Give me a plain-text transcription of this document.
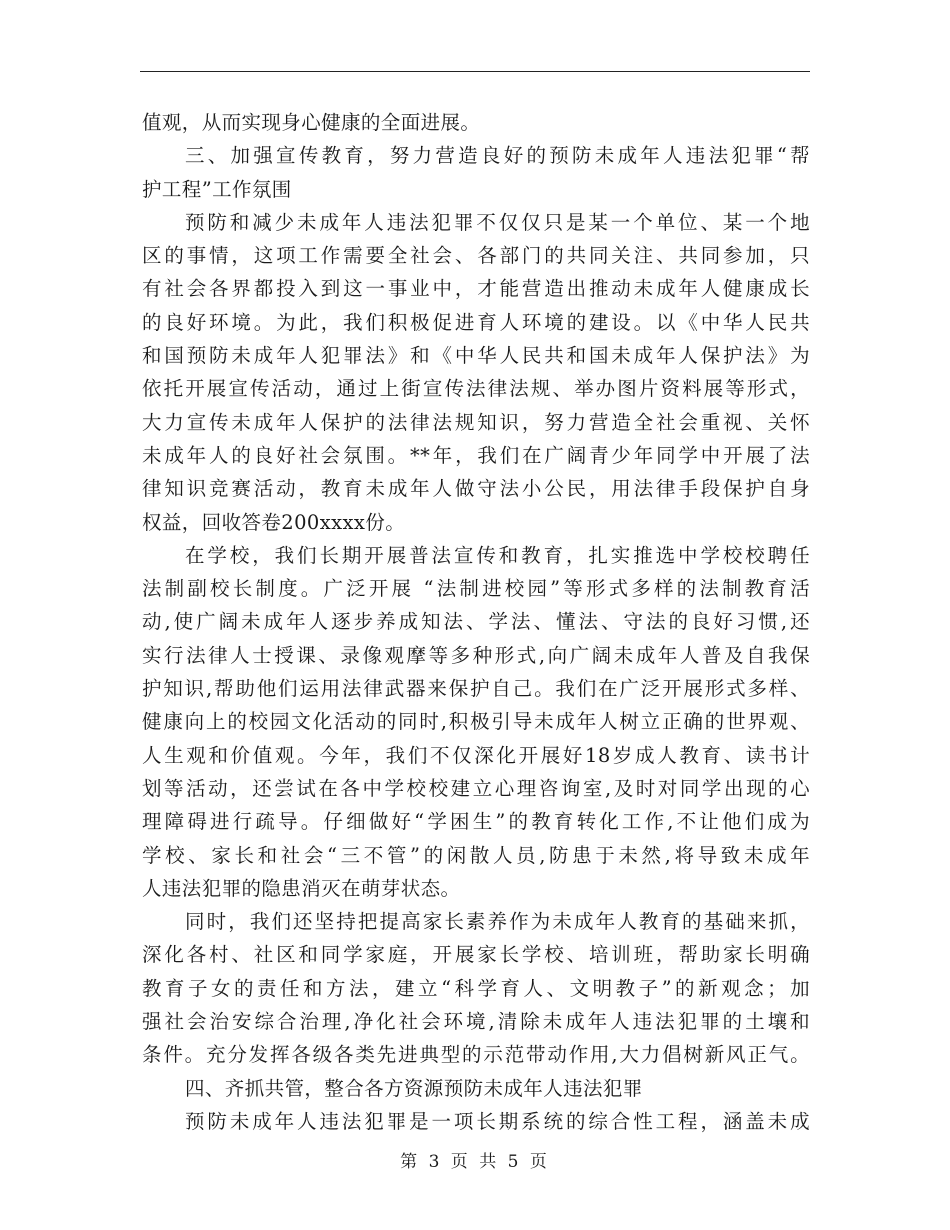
值观，从而实现身心健康的全面进展。
三、加强宣传教育，努力营造良好的预防未成年人违法犯罪“帮
护工程”工作氛围
预防和减少未成年人违法犯罪不仅仅只是某一个单位、某一个地
区的事情，这项工作需要全社会、各部门的共同关注、共同参加，只
有社会各界都投入到这一事业中，才能营造出推动未成年人健康成长
的良好环境。为此，我们积极促进育人环境的建设。以《中华人民共
和国预防未成年人犯罪法》和《中华人民共和国未成年人保护法》为
依托开展宣传活动，通过上街宣传法律法规、举办图片资料展等形式，
大力宣传未成年人保护的法律法规知识，努力营造全社会重视、关怀
未成年人的良好社会氛围。**年，我们在广阔青少年同学中开展了法
律知识竞赛活动，教育未成年人做守法小公民，用法律手段保护自身
权益，回收答卷200xxxx份。
在学校，我们长期开展普法宣传和教育，扎实推选中学校校聘任
法制副校长制度。广泛开展 “法制进校园”等形式多样的法制教育活
动,使广阔未成年人逐步养成知法、学法、懂法、守法的良好习惯,还
实行法律人士授课、录像观摩等多种形式,向广阔未成年人普及自我保
护知识,帮助他们运用法律武器来保护自己。我们在广泛开展形式多样、
健康向上的校园文化活动的同时,积极引导未成年人树立正确的世界观、
人生观和价值观。今年，我们不仅深化开展好18岁成人教育、读书计
划等活动，还尝试在各中学校校建立心理咨询室,及时对同学出现的心
理障碍进行疏导。仔细做好“学困生”的教育转化工作,不让他们成为
学校、家长和社会“三不管”的闲散人员,防患于未然,将导致未成年
人违法犯罪的隐患消灭在萌芽状态。
同时，我们还坚持把提高家长素养作为未成年人教育的基础来抓，
深化各村、社区和同学家庭，开展家长学校、培训班，帮助家长明确
教育子女的责任和方法，建立“科学育人、文明教子”的新观念；加
强社会治安综合治理,净化社会环境,清除未成年人违法犯罪的土壤和
条件。充分发挥各级各类先进典型的示范带动作用,大力倡树新风正气。
四、齐抓共管，整合各方资源预防未成年人违法犯罪
预防未成年人违法犯罪是一项长期系统的综合性工程，涵盖未成
第 3 页 共 5 页
